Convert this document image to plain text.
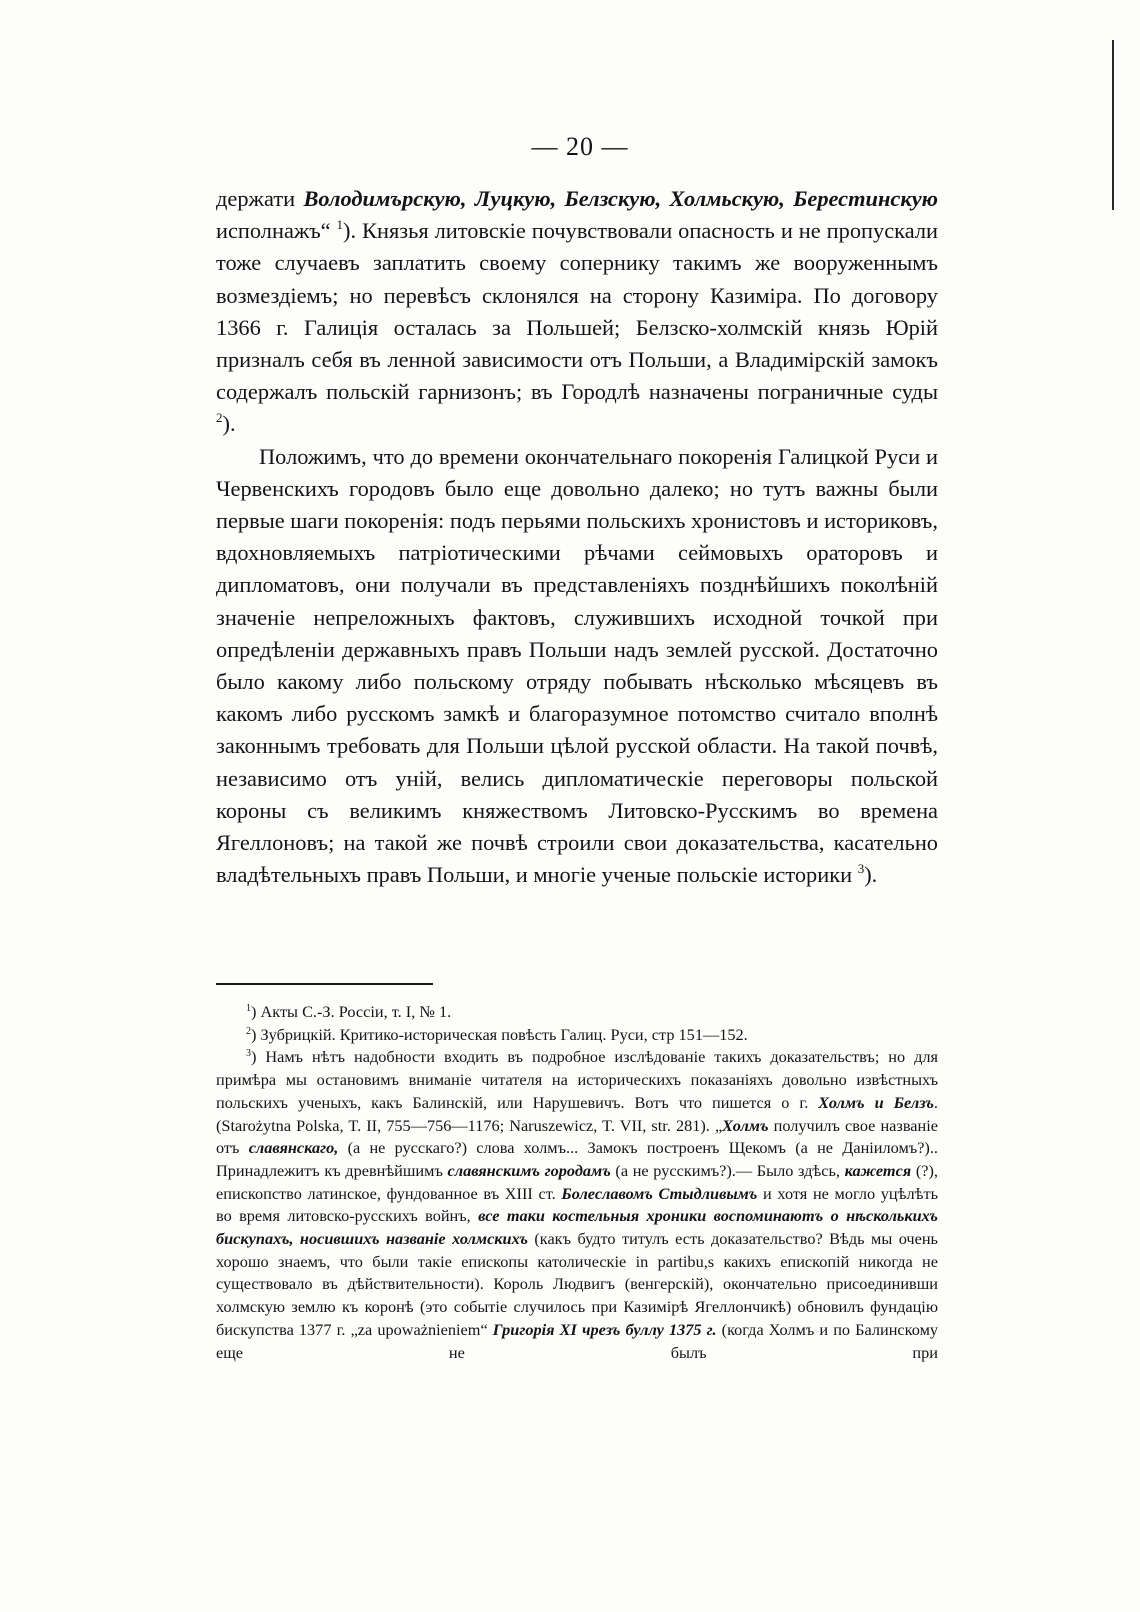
— 20 —

держати Володимърскую, Луцкую, Белзскую, Холмьскую, Берестинскую исполнажъ“ $^1$). Князья литовскіе почувствовали опасность и не пропускали тоже случаевъ заплатить своему сопернику такимъ же вооруженнымъ возмездіемъ; но перевѣсъ склонялся на сторону Казиміра. По договору 1366 г. Галиція осталась за Польшей; Белзско-холмскій князь Юрій призналъ себя въ ленной зависимости отъ Польши, а Владимірскій замокъ содержалъ польскій гарнизонъ; въ Городлѣ назначены пограничные суды $^2$).

Положимъ, что до времени окончательнаго покоренія Галицкой Руси и Червенскихъ городовъ было еще довольно далеко; но тутъ важны были первые шаги покоренія: подъ перьями польскихъ хронистовъ и историковъ, вдохновляемыхъ патріотическими рѣчами сеймовыхъ ораторовъ и дипломатовъ, они получали въ представленіяхъ позднѣйшихъ поколѣній значеніе непреложныхъ фактовъ, служившихъ исходной точкой при опредѣленіи державныхъ правъ Польши надъ землей русской. Достаточно было какому либо польскому отряду побывать нѣсколько мѣсяцевъ въ какомъ либо русскомъ замкѣ и благоразумное потомство считало вполнѣ законнымъ требовать для Польши цѣлой русской области. На такой почвѣ, независимо отъ уній, велись дипломатическіе переговоры польской короны съ великимъ княжествомъ Литовско-Русскимъ во времена Ягеллоновъ; на такой же почвѣ строили свои доказательства, касательно владѣтельныхъ правъ Польши, и многіе ученые польскіе историки $^3$).

$^1$) Акты С.-З. Россіи, т. I, № 1.

$^2$) Зубрицкій. Критико-историческая повѣсть Галиц. Руси, стр 151—152.

$^3$) Намъ нѣтъ надобности входить въ подробное изслѣдованіе такихъ доказательствъ; но для примѣра мы остановимъ вниманіе читателя на историческихъ показаніяхъ довольно извѣстныхъ польскихъ ученыхъ, какъ Балинскій, или Нарушевичъ. Вотъ что пишется о г. Холмъ и Белзъ. (Starożytna Polska, T. II, 755—756—1176; Naruszewicz, T. VII, str. 281). „Холмъ получилъ свое названіе отъ славянскаго, (а не русскаго?) слова холмъ... Замокъ построенъ Щекомъ (а не Даніиломъ?).. Принадлежитъ къ древнѣйшимъ славянскимъ городамъ (а не русскимъ?).— Было здѣсь, кажется (?), епископство латинское, фундованное въ XIII ст. Болеславомъ Стыдливымъ и хотя не могло уцѣлѣть во время литовско-русскихъ войнъ, все таки костельныя хроники воспоминаютъ о нѣсколькихъ бискупахъ, носившихъ названіе холмскихъ (какъ будто титулъ есть доказательство? Вѣдь мы очень хорошо знаемъ, что были такіе епископы католическіе in partibu,s какихъ епископій никогда не существовало въ дѣйствительности). Король Людвигъ (венгерскій), окончательно присоединивши холмскую землю къ коронѣ (это событіе случилось при Казимірѣ Ягеллончикѣ) обновилъ фундацію бискупства 1377 г. „za upoważnieniem“ Григорія XI чрезъ буллу 1375 г. (когда Холмъ и по Балинскому еще не былъ при
